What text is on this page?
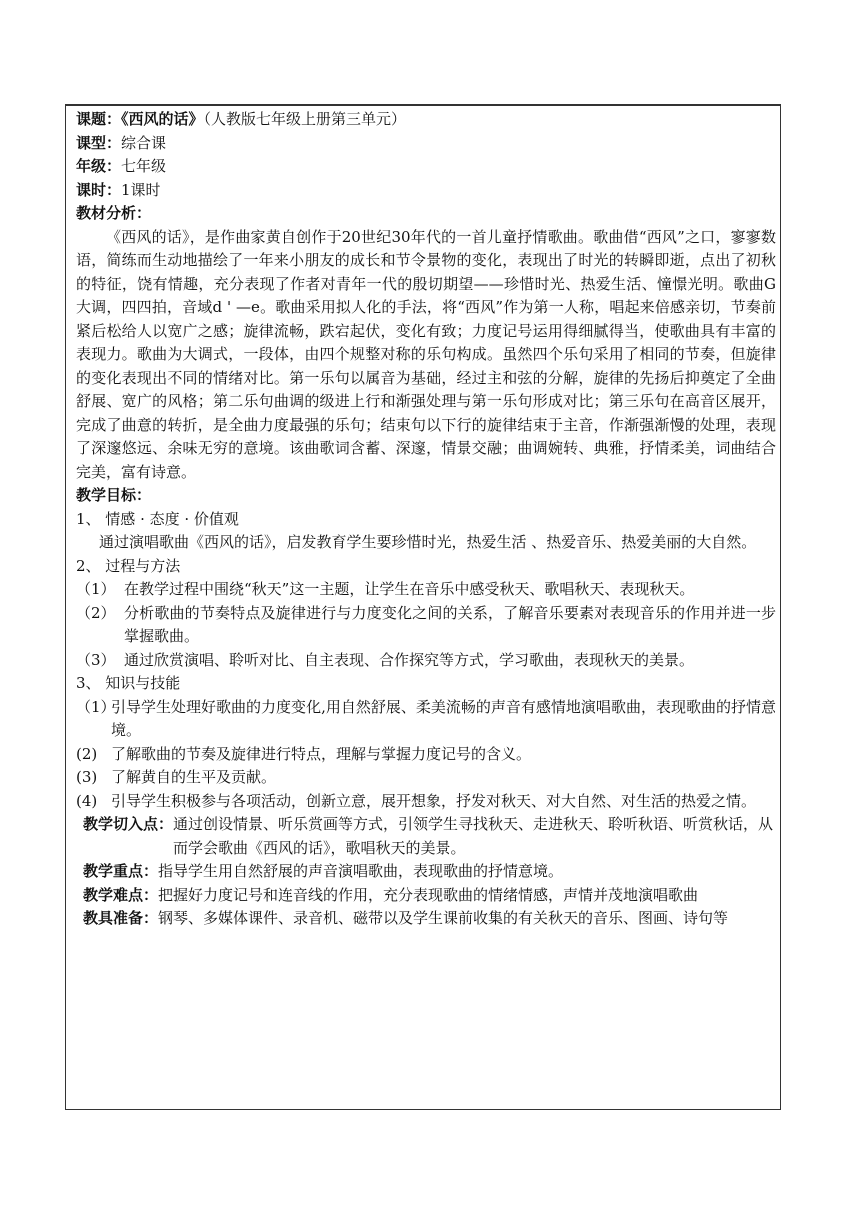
课题：《西风的话》（人教版七年级上册第三单元）
课型：综合课
年级：七年级
课时：1课时
教材分析：

《西风的话》，是作曲家黄自创作于20世纪30年代的一首儿童抒情歌曲。歌曲借“西风”之口，寥寥数语，简练而生动地描绘了一年来小朋友的成长和节令景物的变化，表现出了时光的转瞬即逝，点出了初秋的特征，饶有情趣，充分表现了作者对青年一代的殷切期望——珍惜时光、热爱生活、憧憬光明。歌曲G大调，四四拍，音域d ' —e。歌曲采用拟人化的手法，将“西风”作为第一人称，唱起来倍感亲切，节奏前紧后松给人以宽广之感；旋律流畅，跌宕起伏，变化有致；力度记号运用得细腻得当，使歌曲具有丰富的表现力。歌曲为大调式，一段体，由四个规整对称的乐句构成。虽然四个乐句采用了相同的节奏，但旋律的变化表现出不同的情绪对比。第一乐句以属音为基础，经过主和弦的分解，旋律的先扬后抑奠定了全曲舒展、宽广的风格；第二乐句曲调的级进上行和渐强处理与第一乐句形成对比；第三乐句在高音区展开，完成了曲意的转折，是全曲力度最强的乐句；结束句以下行的旋律结束于主音，作渐强渐慢的处理，表现了深邃悠远、余味无穷的意境。该曲歌词含蓄、深邃，情景交融；曲调婉转、典雅，抒情柔美，词曲结合完美，富有诗意。

教学目标：
1、 情感 · 态度 · 价值观

通过演唱歌曲《西风的话》，启发教育学生要珍惜时光，热爱生活 、热爱音乐、热爱美丽的大自然。

2、 过程与方法
（1） 在教学过程中围绕“秋天”这一主题，让学生在音乐中感受秋天、歌唱秋天、表现秋天。
（2） 分析歌曲的节奏特点及旋律进行与力度变化之间的关系，了解音乐要素对表现音乐的作用并进一步掌握歌曲。
（3） 通过欣赏演唱、聆听对比、自主表现、合作探究等方式，学习歌曲，表现秋天的美景。
3、 知识与技能
（1）
引导学生处理好歌曲的力度变化,用自然舒展、柔美流畅的声音有感情地演唱歌曲，表现歌曲的抒情意境。
(2) 了解歌曲的节奏及旋律进行特点，理解与掌握力度记号的含义。
(3) 了解黄自的生平及贡献。
(4) 引导学生积极参与各项活动，创新立意，展开想象，抒发对秋天、对大自然、对生活的热爱之情。
教学切入点： 通过创设情景、听乐赏画等方式，引领学生寻找秋天、走进秋天、聆听秋语、听赏秋话，从而学会歌曲《西风的话》，歌唱秋天的美景。
教学重点： 指导学生用自然舒展的声音演唱歌曲，表现歌曲的抒情意境。
教学难点： 把握好力度记号和连音线的作用，充分表现歌曲的情绪情感，声情并茂地演唱歌曲
教具准备： 钢琴、多媒体课件、录音机、磁带以及学生课前收集的有关秋天的音乐、图画、诗句等
